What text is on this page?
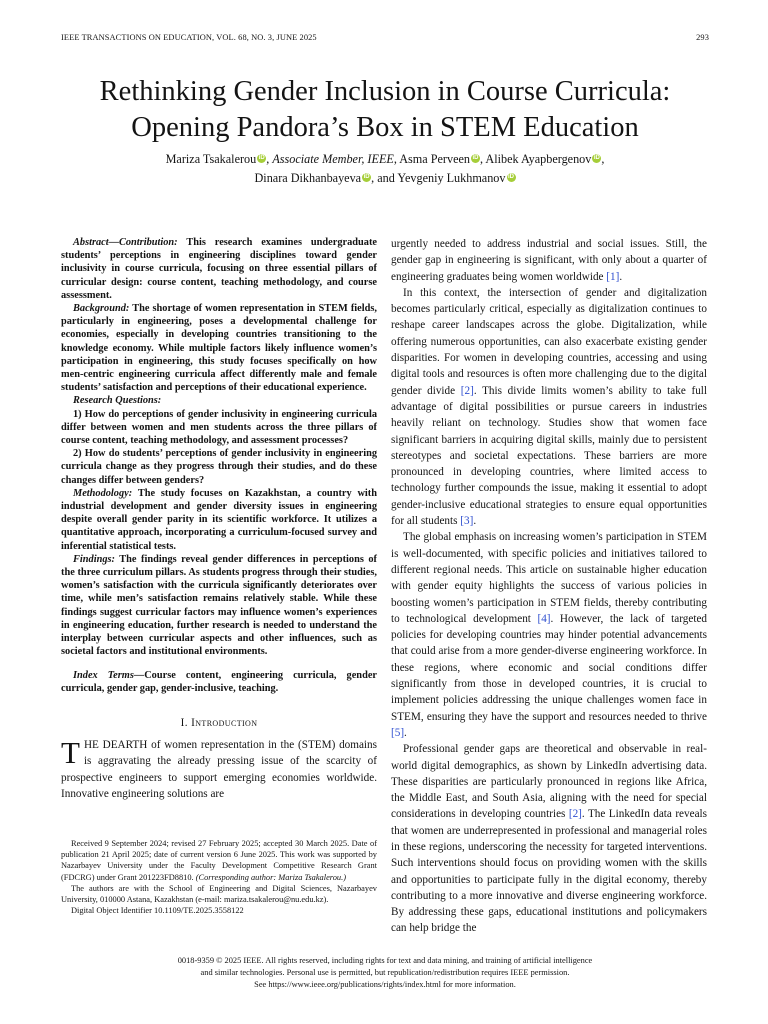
IEEE TRANSACTIONS ON EDUCATION, VOL. 68, NO. 3, JUNE 2025	293
Rethinking Gender Inclusion in Course Curricula:
Opening Pandora’s Box in STEM Education
Mariza Tsakalerou iD , Associate Member, IEEE, Asma Perveen iD , Alibek Ayapbergenov iD ,
Dinara Dikhanbayeva iD , and Yevgeniy Lukhmanov iD

Abstract—Contribution: This research examines undergraduate students’ perceptions in engineering disciplines toward gender inclusivity in course curricula, focusing on three essential pillars of curricular design: course content, teaching methodology, and course assessment.

Background: The shortage of women representation in STEM fields, particularly in engineering, poses a developmental challenge for economies, especially in developing countries transitioning to the knowledge economy. While multiple factors likely influence women’s participation in engineering, this study focuses specifically on how men-centric engineering curricula affect differently male and female students’ satisfaction and perceptions of their educational experience.

Research Questions:

1) How do perceptions of gender inclusivity in engineering curricula differ between women and men students across the three pillars of course content, teaching methodology, and assessment processes?

2) How do students’ perceptions of gender inclusivity in engineering curricula change as they progress through their studies, and do these changes differ between genders?

Methodology: The study focuses on Kazakhstan, a country with industrial development and gender diversity issues in engineering despite overall gender parity in its scientific workforce. It utilizes a quantitative approach, incorporating a curriculum-focused survey and inferential statistical tests.

Findings: The findings reveal gender differences in perceptions of the three curriculum pillars. As students progress through their studies, women’s satisfaction with the curricula significantly deteriorates over time, while men’s satisfaction remains relatively stable. While these findings suggest curricular factors may influence women’s experiences in engineering education, further research is needed to understand the interplay between curricular aspects and other influences, such as societal factors and institutional environments.

Index Terms—Course content, engineering curricula, gender curricula, gender gap, gender-inclusive, teaching.

I. Introduction

THE DEARTH of women representation in the (STEM) domains is aggravating the already pressing issue of the scarcity of prospective engineers to support emerging economies worldwide. Innovative engineering solutions are

Received 9 September 2024; revised 27 February 2025; accepted 30 March 2025. Date of publication 21 April 2025; date of current version 6 June 2025. This work was supported by Nazarbayev University under the Faculty Development Competitive Research Grant (FDCRG) under Grant 201223FD8810. (Corresponding author: Mariza Tsakalerou.)

The authors are with the School of Engineering and Digital Sciences, Nazarbayev University, 010000 Astana, Kazakhstan (e-mail: mariza.tsakalerou@nu.edu.kz).

Digital Object Identifier 10.1109/TE.2025.3558122

urgently needed to address industrial and social issues. Still, the gender gap in engineering is significant, with only about a quarter of engineering graduates being women worldwide [1].

In this context, the intersection of gender and digitalization becomes particularly critical, especially as digitalization continues to reshape career landscapes across the globe. Digitalization, while offering numerous opportunities, can also exacerbate existing gender disparities. For women in developing countries, accessing and using digital tools and resources is often more challenging due to the digital gender divide [2]. This divide limits women’s ability to take full advantage of digital possibilities or pursue careers in industries heavily reliant on technology. Studies show that women face significant barriers in acquiring digital skills, mainly due to persistent stereotypes and societal expectations. These barriers are more pronounced in developing countries, where limited access to technology further compounds the issue, making it essential to adopt gender-inclusive educational strategies to ensure equal opportunities for all students [3].

The global emphasis on increasing women’s participation in STEM is well-documented, with specific policies and initiatives tailored to different regional needs. This article on sustainable higher education with gender equity highlights the success of various policies in boosting women’s participation in STEM fields, thereby contributing to technological development [4]. However, the lack of targeted policies for developing countries may hinder potential advancements that could arise from a more gender-diverse engineering workforce. In these regions, where economic and social conditions differ significantly from those in developed countries, it is crucial to implement policies addressing the unique challenges women face in STEM, ensuring they have the support and resources needed to thrive [5].

Professional gender gaps are theoretical and observable in real-world digital demographics, as shown by LinkedIn advertising data. These disparities are particularly pronounced in regions like Africa, the Middle East, and South Asia, aligning with the need for special considerations in developing countries [2]. The LinkedIn data reveals that women are underrepresented in professional and managerial roles in these regions, underscoring the necessity for targeted interventions. Such interventions should focus on providing women with the skills and opportunities to participate fully in the digital economy, thereby contributing to a more innovative and diverse engineering workforce. By addressing these gaps, educational institutions and policymakers can help bridge the

0018-9359 © 2025 IEEE. All rights reserved, including rights for text and data mining, and training of artificial intelligence
and similar technologies. Personal use is permitted, but republication/redistribution requires IEEE permission.
See https://www.ieee.org/publications/rights/index.html for more information.
